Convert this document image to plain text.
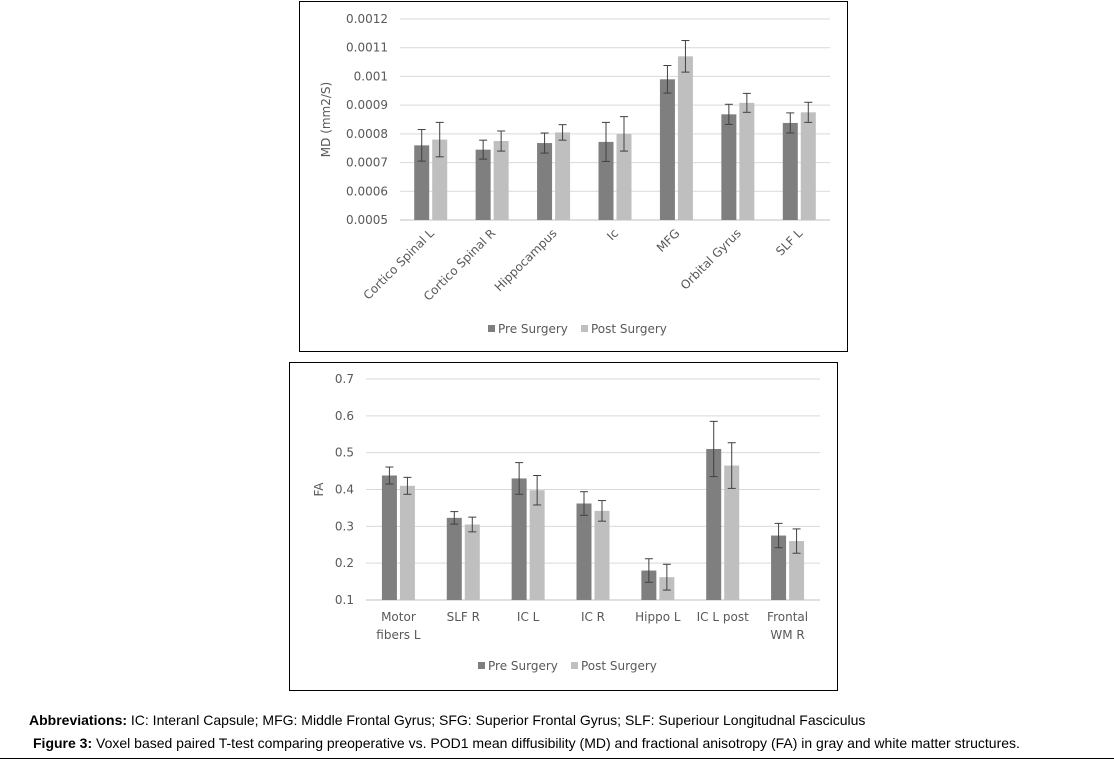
0.0005
0.0006
0.0007
0.0008
0.0009
0.001
0.0011
0.0012
MD (mm2/S)
Cortico Spinal L
Cortico Spinal R
Hippocampus	Ic	MFG
Orbital Gyrus SLF L
Pre Surgery Post Surgery
0.1
0.2
0.3
0.4
0.5
0.6
0.7
FA
Motor
fibers L
SLF R	IC L	IC R	Hippo L IC L post Frontal
WM R
Pre Surgery Post Surgery
Abbreviations: IC: Interanl Capsule; MFG: Middle Frontal Gyrus; SFG: Superior Frontal Gyrus; SLF: Superiour Longitudnal Fasciculus
Figure 3: Voxel based paired T-test comparing preoperative vs. POD1 mean diffusibility (MD) and fractional anisotropy (FA) in gray and white matter structures.
